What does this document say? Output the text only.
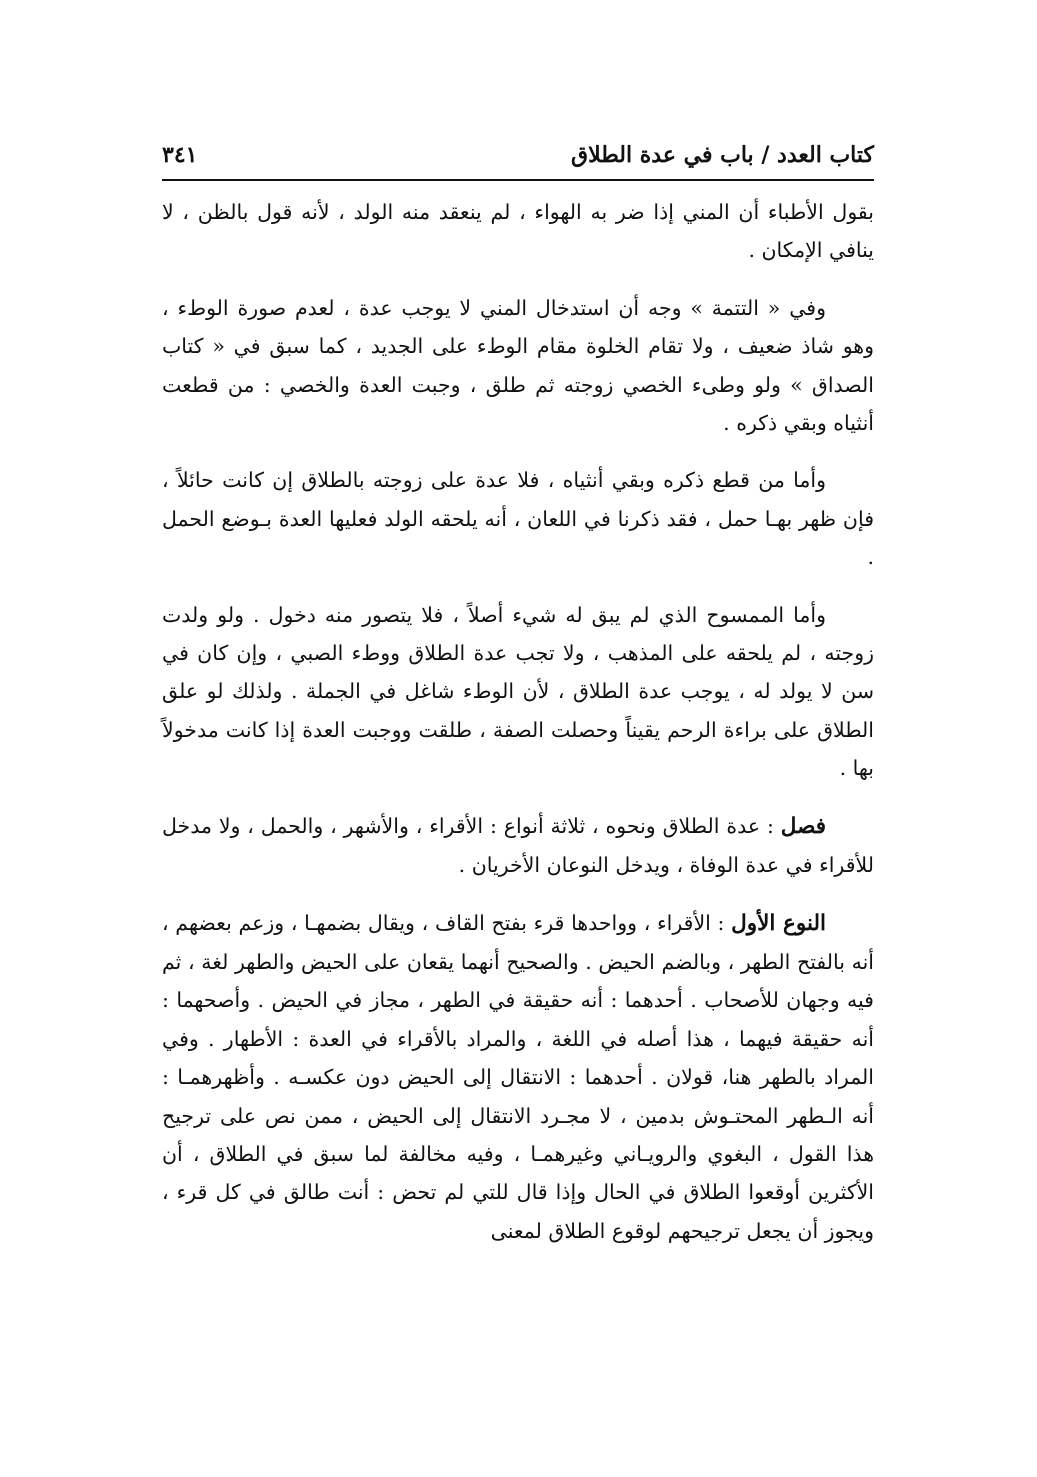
كتاب العدد / باب في عدة الطلاق
٣٤١

بقول الأطباء أن المني إذا ضر به الهواء ، لم ينعقد منه الولد ، لأنه قول بالظن ، لا ينافي الإمكان .

وفي « التتمة » وجه أن استدخال المني لا يوجب عدة ، لعدم صورة الوطء ، وهو شاذ ضعيف ، ولا تقام الخلوة مقام الوطء على الجديد ، كما سبق في « كتاب الصداق » ولو وطىء الخصي زوجته ثم طلق ، وجبت العدة والخصي : من قطعت أنثياه وبقي ذكره .

وأما من قطع ذكره وبقي أنثياه ، فلا عدة على زوجته بالطلاق إن كانت حائلاً ، فإن ظهر بهـا حمل ، فقد ذكرنا في اللعان ، أنه يلحقه الولد فعليها العدة بـوضع الحمل .

وأما الممسوح الذي لم يبق له شيء أصلاً ، فلا يتصور منه دخول . ولو ولدت زوجته ، لم يلحقه على المذهب ، ولا تجب عدة الطلاق ووطء الصبي ، وإن كان في سن لا يولد له ، يوجب عدة الطلاق ، لأن الوطء شاغل في الجملة . ولذلك لو علق الطلاق على براءة الرحم يقيناً وحصلت الصفة ، طلقت ووجبت العدة إذا كانت مدخولاً بها .

فصل : عدة الطلاق ونحوه ، ثلاثة أنواع : الأقراء ، والأشهر ، والحمل ، ولا مدخل للأقراء في عدة الوفاة ، ويدخل النوعان الأخريان .

النوع الأول : الأقراء ، وواحدها قرء بفتح القاف ، ويقال بضمهـا ، وزعم بعضهم ، أنه بالفتح الطهر ، وبالضم الحيض . والصحيح أنهما يقعان على الحيض والطهر لغة ، ثم فيه وجهان للأصحاب . أحدهما : أنه حقيقة في الطهر ، مجاز في الحيض . وأصحهما : أنه حقيقة فيهما ، هذا أصله في اللغة ، والمراد بالأقراء في العدة : الأطهار . وفي المراد بالطهر هنا، قولان . أحدهما : الانتقال إلى الحيض دون عكسـه . وأظهرهمـا : أنه الـطهر المحتـوش بدمين ، لا مجـرد الانتقال إلى الحيض ، ممن نص على ترجيح هذا القول ، البغوي والرويـاني وغيرهمـا ، وفيه مخالفة لما سبق في الطلاق ، أن الأكثرين أوقعوا الطلاق في الحال وإذا قال للتي لم تحض : أنت طالق في كل قرء ، ويجوز أن يجعل ترجيحهم لوقوع الطلاق لمعنى
